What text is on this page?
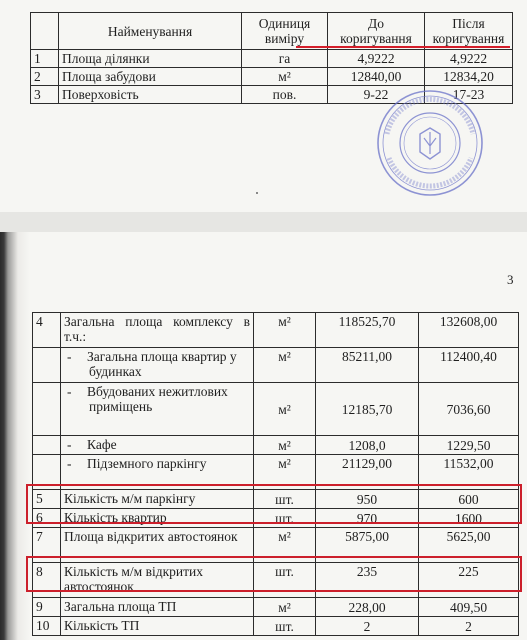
	Найменування	Одиниця виміру	До коригування	Після коригування
1	Площа ділянки	га	4,9222	4,9222
2	Площа забудови	м²	12840,00	12834,20
3	Поверховість	пов.	9-22	17-23
3
4	Загальна площа комплексу в т.ч.:	м²	118525,70	132608,00
	- Загальна площа квартир у будинках	м²	85211,00	112400,40
	- Вбудованих нежитлових приміщень	м²	12185,70	7036,60
	- Кафе	м²	1208,0	1229,50
	- Підземного паркінгу	м²	21129,00	11532,00
5	Кількість м/м паркінгу	шт.	950	600
6	Кількість квартир	шт.	970	1600
7	Площа відкритих автостоянок	м²	5875,00	5625,00
8	Кількість м/м відкритих автостоянок	шт.	235	225
9	Загальна площа ТП	м²	228,00	409,50
10	Кількість ТП	шт.	2	2
